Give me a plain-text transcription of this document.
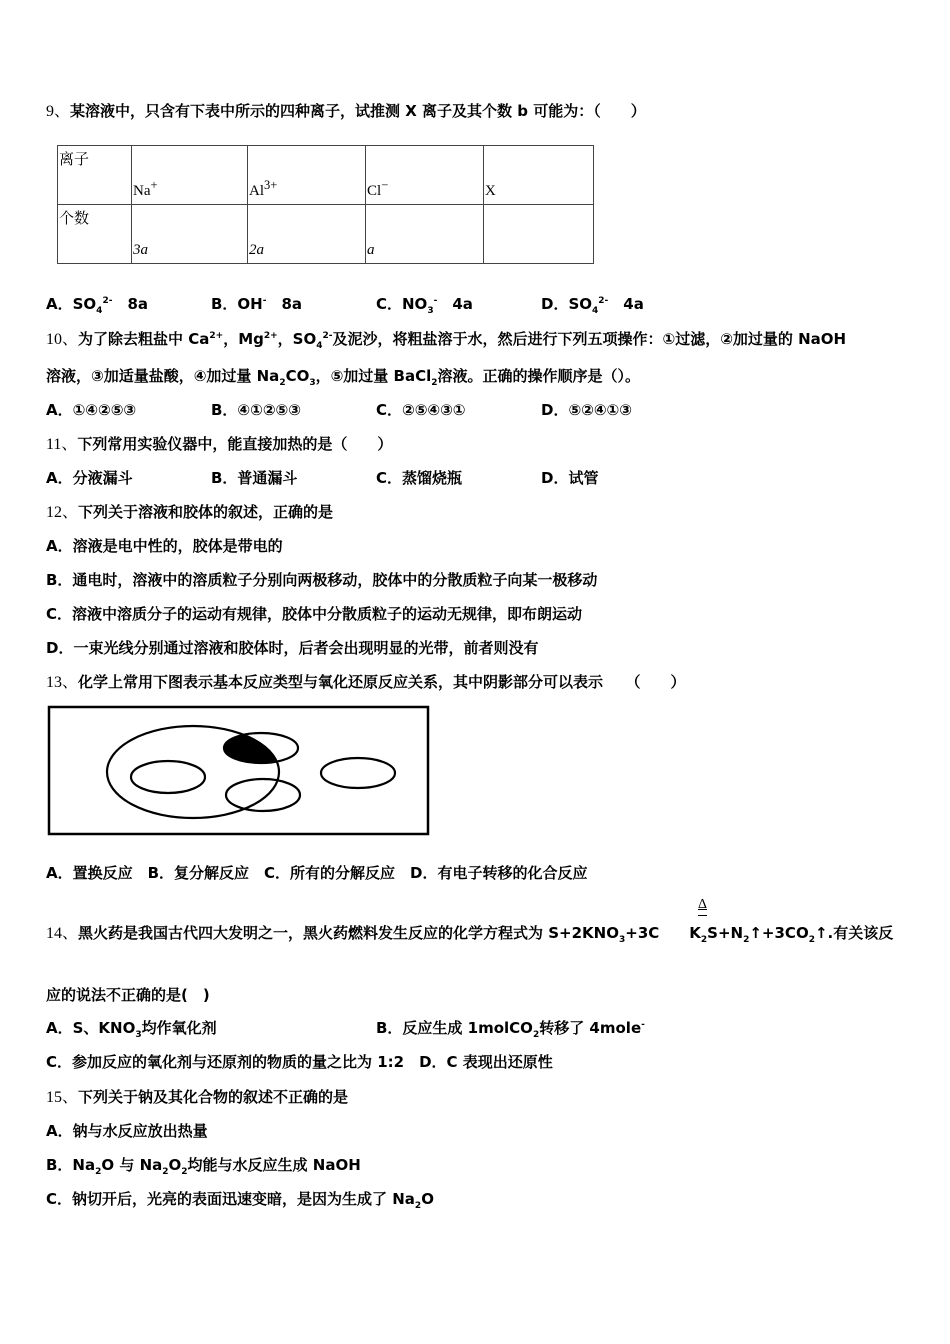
9、某溶液中，只含有下表中所示的四种离子，试推测 X 离子及其个数 b 可能为：（　　）
离子	Na+	$Al^{3+}$	Cl−	X
个数	3a	2a	a	
A．$SO_4^{2-}$　8a	B．OH-　8a	C．$NO_3^-$　4a	D．$SO_4^{2-}$　4a
10、为了除去粗盐中 $Ca^{2+}$，$Mg^{2+}$，$SO_4^{2-}$及泥沙，将粗盐溶于水，然后进行下列五项操作：①过滤，②加过量的 NaOH
溶液，③加适量盐酸，④加过量 $Na_2CO_3$，⑤加过量 BaCl$_2$溶液。正确的操作顺序是（）。
A．①④②⑤③	B．④①②⑤③	C．②⑤④③①	D．⑤②④①③
11、下列常用实验仪器中，能直接加热的是（　　）
A．分液漏斗	B．普通漏斗	C．蒸馏烧瓶	D．试管
12、下列关于溶液和胶体的叙述，正确的是
A．溶液是电中性的，胶体是带电的
B．通电时，溶液中的溶质粒子分别向两极移动，胶体中的分散质粒子向某一极移动
C．溶液中溶质分子的运动有规律，胶体中分散质粒子的运动无规律，即布朗运动
D．一束光线分别通过溶液和胶体时，后者会出现明显的光带，前者则没有
13、化学上常用下图表示基本反应类型与氧化还原反应关系，其中阴影部分可以表示　　（　　）
A．置换反应　B．复分解反应　C．所有的分解反应　D．有电子转移的化合反应
Δ
14、黑火药是我国古代四大发明之一，黑火药燃料发生反应的化学方程式为 $S+2KNO_3+3C$　　$K_2S+N_2↑+3CO_2↑$.有关该反
应的说法不正确的是(　)
A．S、$KNO_3$均作氧化剂	B．反应生成 1molCO$_2$转移了 4mole-
C．参加反应的氧化剂与还原剂的物质的量之比为 1:2　D．C 表现出还原性
15、下列关于钠及其化合物的叙述不正确的是
A．钠与水反应放出热量
B．$Na_2O$ 与 $Na_2O_2$均能与水反应生成 NaOH
C．钠切开后，光亮的表面迅速变暗，是因为生成了 $Na_2O$
